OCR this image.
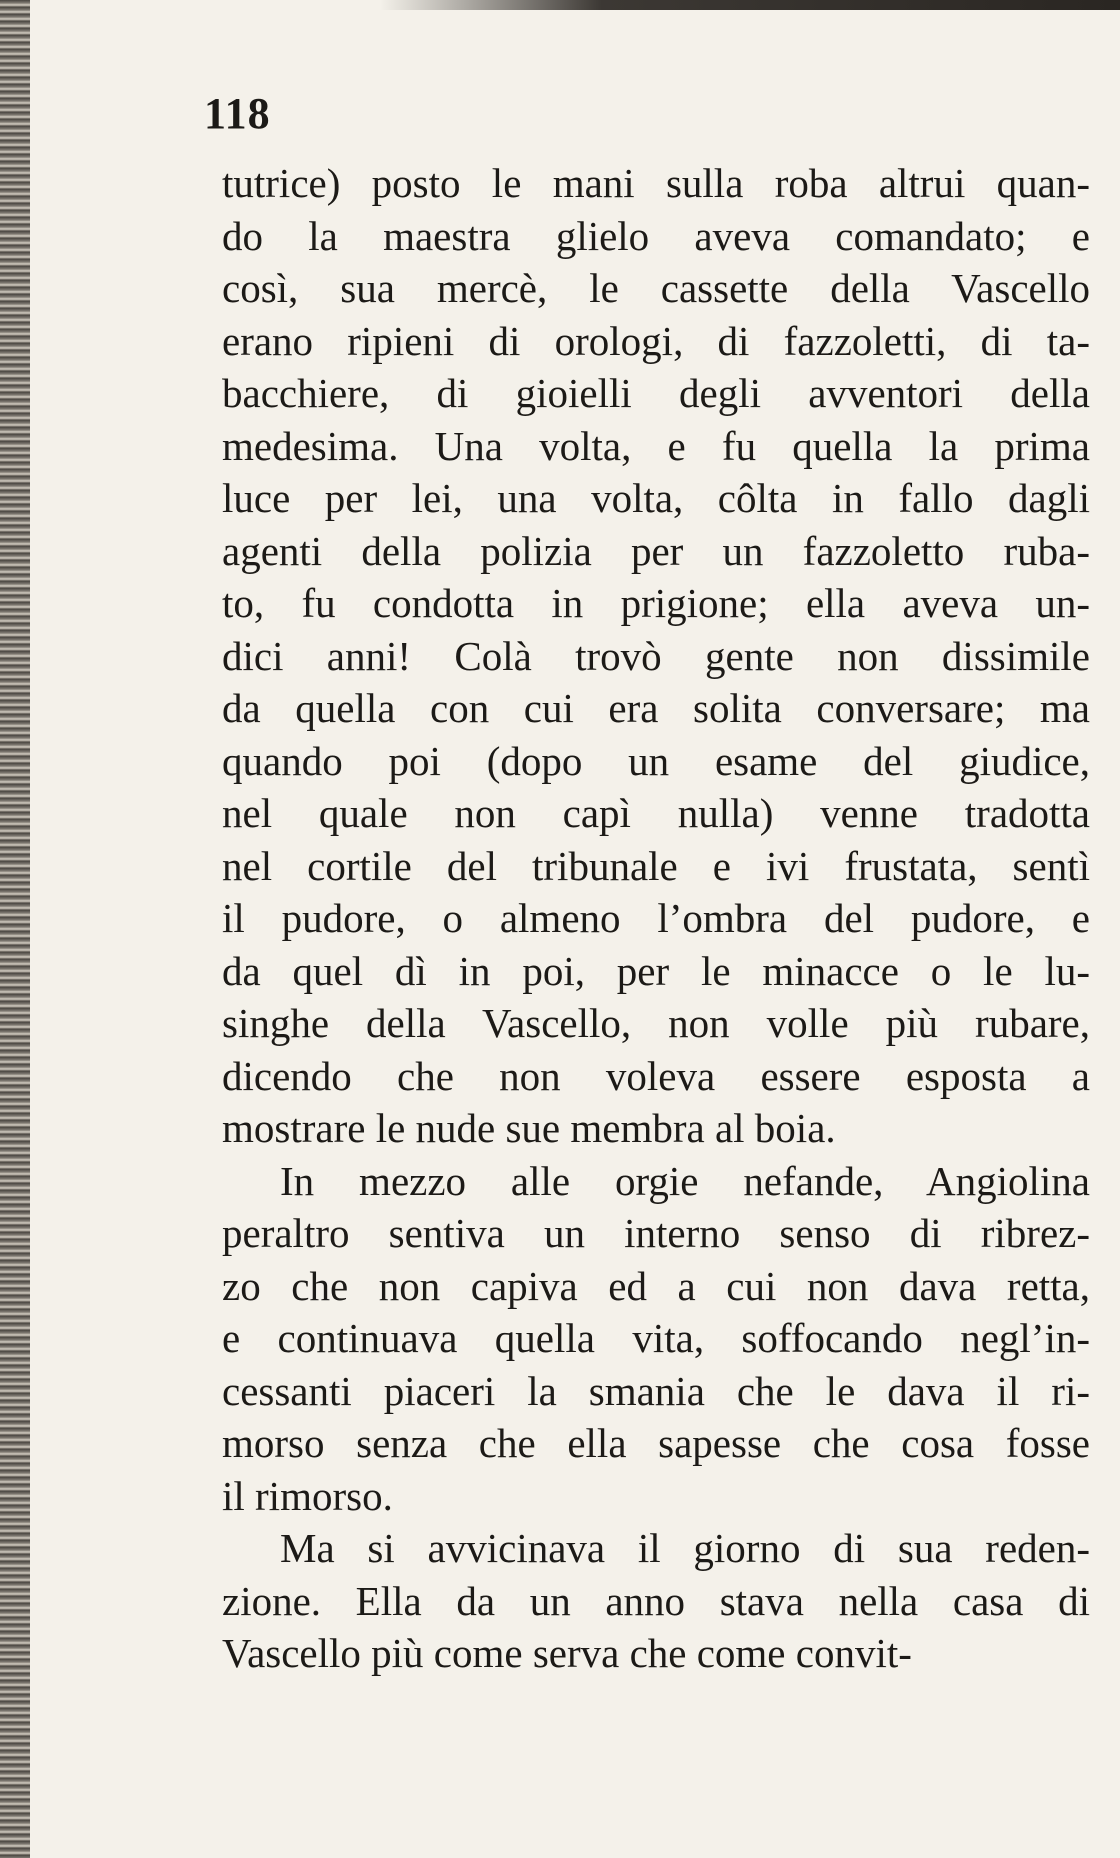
118
tutrice) posto le mani sulla roba altrui quan-
do la maestra glielo aveva comandato; e
così, sua mercè, le cassette della Vascello
erano ripieni di orologi, di fazzoletti, di ta-
bacchiere, di gioielli degli avventori della
medesima. Una volta, e fu quella la prima
luce per lei, una volta, côlta in fallo dagli
agenti della polizia per un fazzoletto ruba-
to, fu condotta in prigione; ella aveva un-
dici anni! Colà trovò gente non dissimile
da quella con cui era solita conversare; ma
quando poi (dopo un esame del giudice,
nel quale non capì nulla) venne tradotta
nel cortile del tribunale e ivi frustata, sentì
il pudore, o almeno l’ombra del pudore, e
da quel dì in poi, per le minacce o le lu-
singhe della Vascello, non volle più rubare,
dicendo che non voleva essere esposta a
mostrare le nude sue membra al boia.
In mezzo alle orgie nefande, Angiolina
peraltro sentiva un interno senso di ribrez-
zo che non capiva ed a cui non dava retta,
e continuava quella vita, soffocando negl’in-
cessanti piaceri la smania che le dava il ri-
morso senza che ella sapesse che cosa fosse
il rimorso.
Ma si avvicinava il giorno di sua reden-
zione. Ella da un anno stava nella casa di
Vascello più come serva che come convit-
